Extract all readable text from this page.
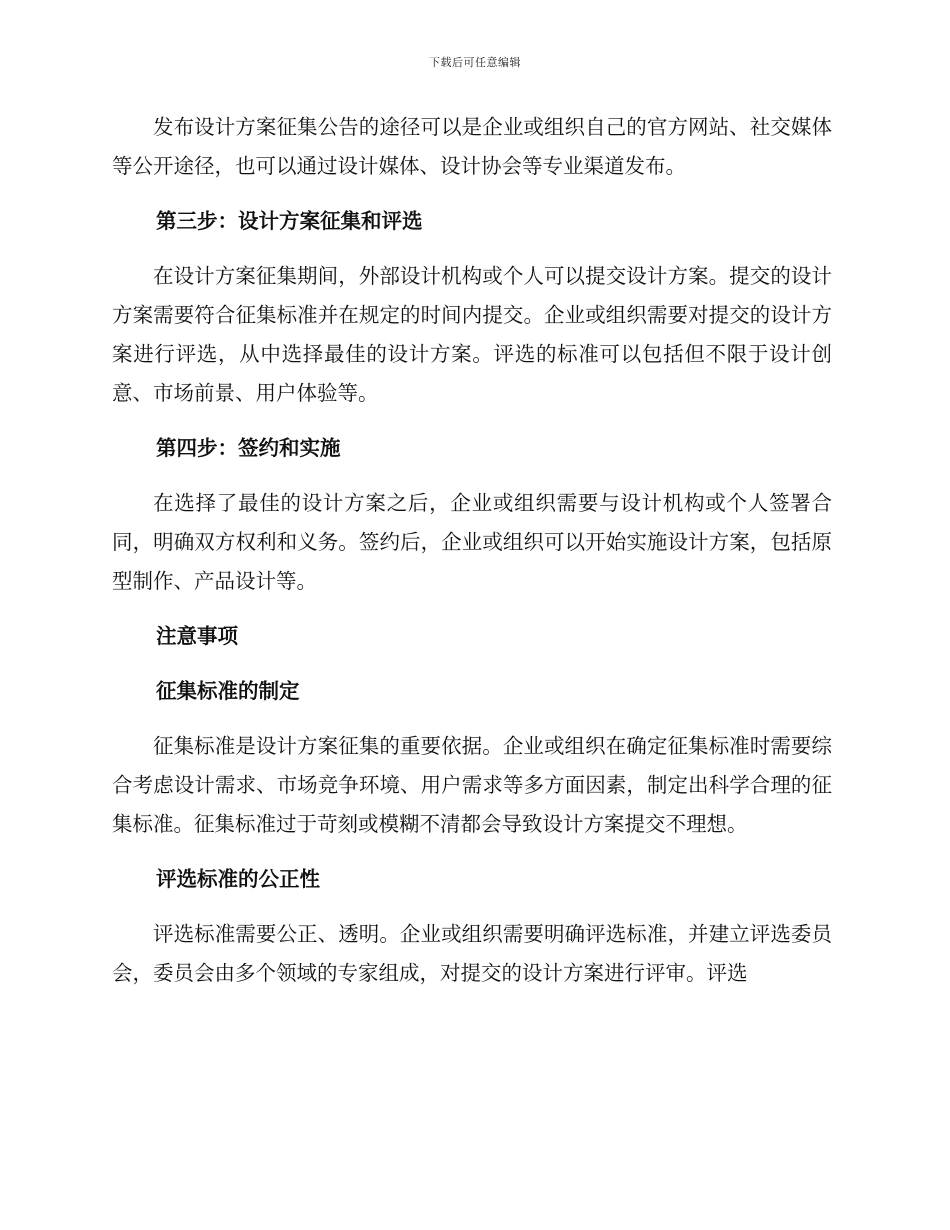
下载后可任意编辑

发布设计方案征集公告的途径可以是企业或组织自己的官方网站、社交媒体等公开途径，也可以通过设计媒体、设计协会等专业渠道发布。

第三步：设计方案征集和评选

在设计方案征集期间，外部设计机构或个人可以提交设计方案。提交的设计方案需要符合征集标准并在规定的时间内提交。企业或组织需要对提交的设计方案进行评选，从中选择最佳的设计方案。评选的标准可以包括但不限于设计创意、市场前景、用户体验等。

第四步：签约和实施

在选择了最佳的设计方案之后，企业或组织需要与设计机构或个人签署合同，明确双方权利和义务。签约后，企业或组织可以开始实施设计方案，包括原型制作、产品设计等。

注意事项
征集标准的制定

征集标准是设计方案征集的重要依据。企业或组织在确定征集标准时需要综合考虑设计需求、市场竞争环境、用户需求等多方面因素，制定出科学合理的征集标准。征集标准过于苛刻或模糊不清都会导致设计方案提交不理想。

评选标准的公正性

评选标准需要公正、透明。企业或组织需要明确评选标准，并建立评选委员会，委员会由多个领域的专家组成，对提交的设计方案进行评审。评选
